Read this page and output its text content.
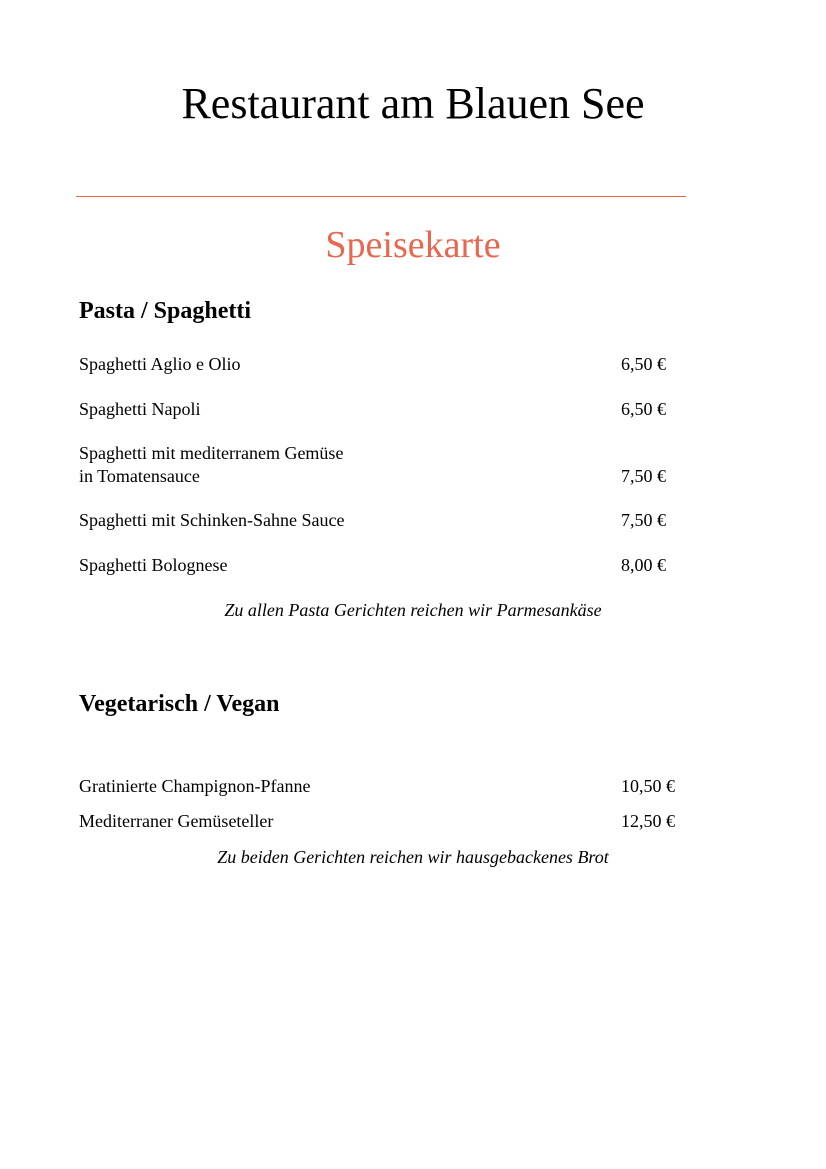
Restaurant am Blauen See
Speisekarte
Pasta / Spaghetti
Spaghetti Aglio e Olio	6,50 €
Spaghetti Napoli	6,50 €
Spaghetti mit mediterranem Gemüse
in Tomatensauce	7,50 €
Spaghetti mit Schinken-Sahne Sauce	7,50 €
Spaghetti Bolognese	8,00 €
Zu allen Pasta Gerichten reichen wir Parmesankäse
Vegetarisch / Vegan
Gratinierte Champignon-Pfanne	10,50 €
Mediterraner Gemüseteller	12,50 €
Zu beiden Gerichten reichen wir hausgebackenes Brot
